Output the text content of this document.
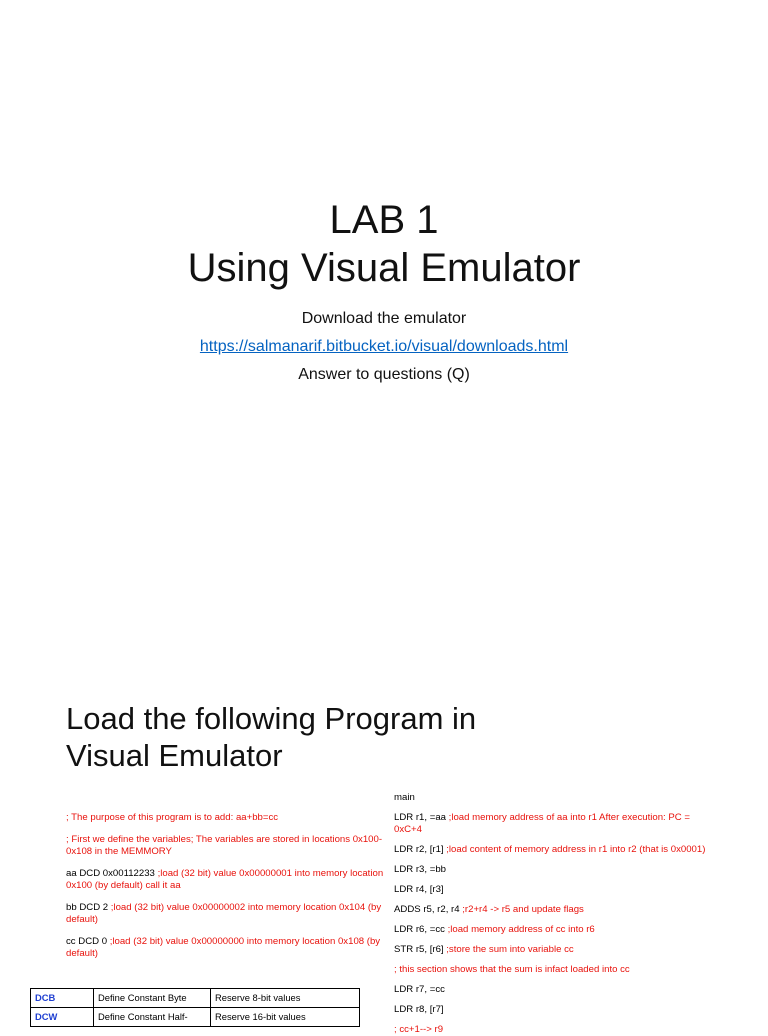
LAB 1
Using Visual Emulator
Download the emulator
https://salmanarif.bitbucket.io/visual/downloads.html
Answer to questions (Q)
Load the following Program in Visual Emulator

; The purpose of this program is to add: aa+bb=cc

; First we define the variables; The variables are stored in locations 0x100-0x108 in the MEMMORY

aa DCD 0x00112233 ;load (32 bit) value 0x00000001 into memory location 0x100 (by default) call it aa

bb DCD 2 ;load (32 bit) value 0x00000002 into memory location 0x104 (by default)

cc DCD 0 ;load (32 bit) value 0x00000000 into memory location 0x108 (by default)

main

LDR r1, =aa ;load memory address of aa into r1 After execution: PC = 0xC+4

LDR r2, [r1] ;load content of memory address in r1 into r2 (that is 0x0001)

LDR r3, =bb

LDR r4, [r3]

ADDS r5, r2, r4 ;r2+r4 -> r5 and update flags

LDR r6, =cc ;load memory address of cc into r6

STR r5, [r6] ;store the sum into variable cc

; this section shows that the sum is infact loaded into cc

LDR r7, =cc

LDR r8, [r7]

; cc+1--> r9

DCB	Define Constant Byte	Reserve 8-bit values
DCW	Define Constant Half-	Reserve 16-bit values
